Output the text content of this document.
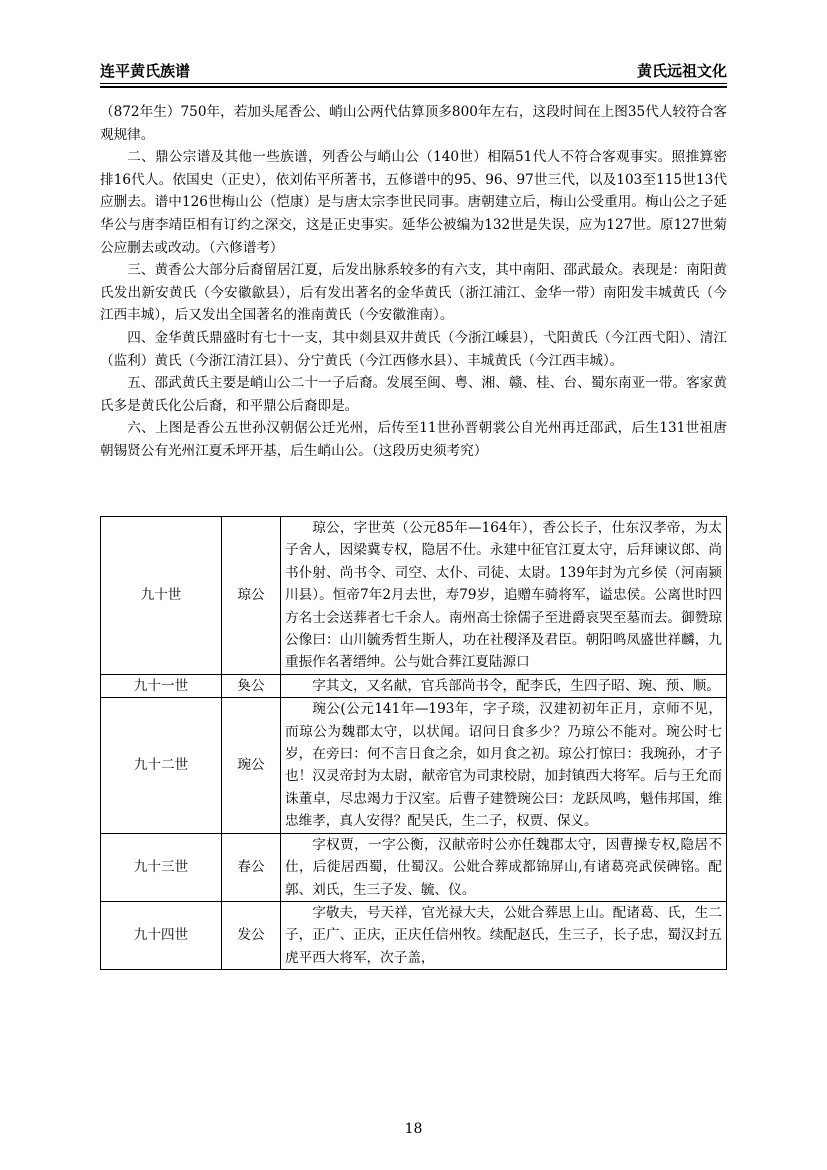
连平黄氏族谱	黄氏远祖文化

（872年生）750年，若加头尾香公、峭山公两代估算顶多800年左右，这段时间在上图35代人较符合客观规律。

二、鼎公宗谱及其他一些族谱，列香公与峭山公（140世）相隔51代人不符合客观事实。照推算密排16代人。依国史（正史），依刘佑平所著书，五修谱中的95、96、97世三代，以及103至115世13代应删去。谱中126世梅山公（恺康）是与唐太宗李世民同事。唐朝建立后，梅山公受重用。梅山公之子延华公与唐李靖臣相有订约之深交，这是正史事实。延华公被编为132世是失误，应为127世。原127世菊公应删去或改动。（六修谱考）

三、黄香公大部分后裔留居江夏，后发出脉系较多的有六支，其中南阳、邵武最众。表现是：南阳黄氏发出新安黄氏（今安徽歙县），后有发出著名的金华黄氏（浙江浦江、金华一带）南阳发丰城黄氏（今江西丰城），后又发出全国著名的淮南黄氏（今安徽淮南）。

四、金华黄氏鼎盛时有七十一支，其中剡县双井黄氏（今浙江嵊县），弋阳黄氏（今江西弋阳）、清江（监利）黄氏（今浙江清江县）、分宁黄氏（今江西修水县）、丰城黄氏（今江西丰城）。

五、邵武黄氏主要是峭山公二十一子后裔。发展至闽、粤、湘、赣、桂、台、蜀东南亚一带。客家黄氏多是黄氏化公后裔，和平鼎公后裔即是。

六、上图是香公五世孙汉朝倨公迁光州，后传至11世孙晋朝裳公自光州再迁邵武，后生131世祖唐朝锡贤公有光州江夏禾坪开基，后生峭山公。（这段历史须考究）

九十世	琼公	琼公，字世英（公元85年—164年），香公长子，仕东汉孝帝，为太子舍人，因梁冀专权，隐居不仕。永建中征官江夏太守，后拜谏议郎、尚书仆射、尚书令、司空、太仆、司徒、太尉。139年封为亢乡侯（河南颍川县）。恒帝7年2月去世，寿79岁，追赠车骑将军，谥忠侯。公离世时四方名士会送葬者七千余人。南州高士徐儒子至进爵哀哭至墓而去。御赞琼公像曰：山川毓秀哲生斯人，功在社稷泽及君臣。朝阳鸣凤盛世祥麟，九重振作名著缙绅。公与妣合葬江夏陆源口
九十一世	奐公	字其文，又名献，官兵部尚书令，配李氏，生四子昭、琬、预、顺。
九十二世	琬公	琬公(公元141年—193年，字子琰，汉建初初年正月，京师不见，而琼公为魏郡太守，以状闻。诏问日食多少？乃琼公不能对。琬公时七岁，在旁曰：何不言日食之余，如月食之初。琼公打惊曰：我琬孙，才子也！汉灵帝封为太尉，献帝官为司隶校尉，加封镇西大将军。后与王允而诛董卓，尽忠竭力于汉室。后曹子建赞琬公曰：龙跃凤鸣，魁伟邦国，维忠维孝，真人安得？配吴氏，生二子，权贾、保义。
九十三世	春公	字权贾，一字公衡，汉献帝时公亦任魏郡太守，因曹操专权,隐居不仕，后徙居西蜀，仕蜀汉。公妣合葬成都锦屏山,有诸葛亮武侯碑铭。配郭、刘氏，生三子发、毓、仪。
九十四世	发公	字敬夫，号天祥，官光禄大夫，公妣合葬思上山。配诸葛、氏，生二子，正广、正庆，正庆任信州牧。续配赵氏，生三子，长子忠，蜀汉封五虎平西大将军，次子盖，
18
